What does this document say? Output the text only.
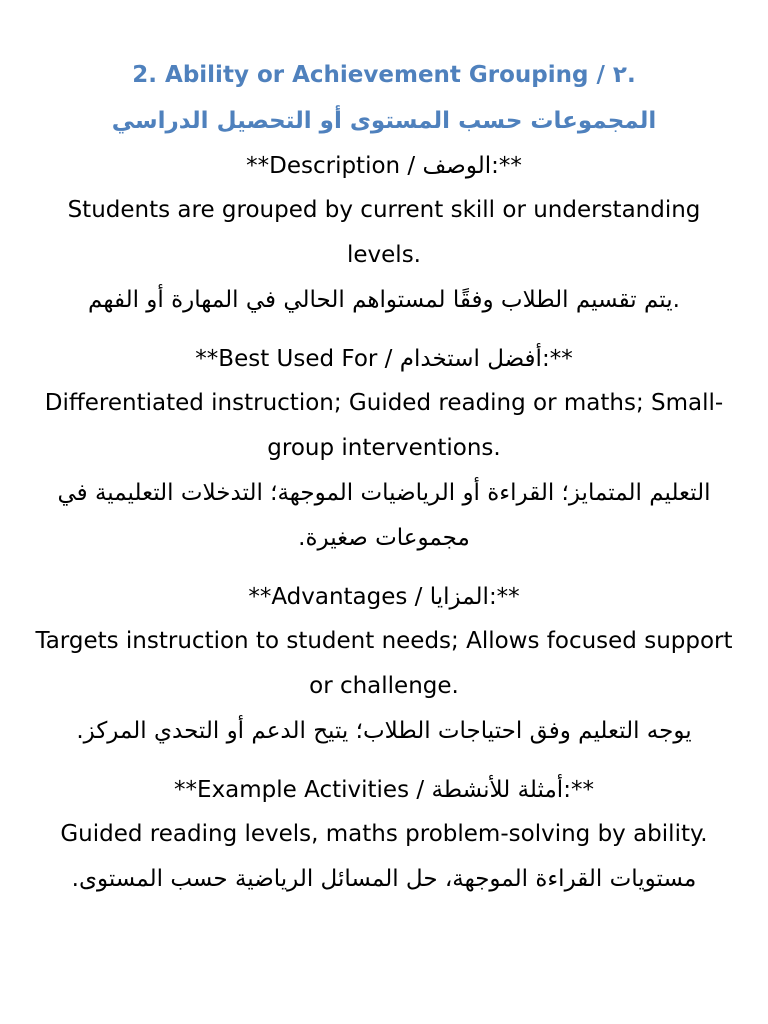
2. Ability or Achievement Grouping / ٢.
المجموعات حسب المستوى أو التحصيل الدراسي

**Description / الوصف:**

Students are grouped by current skill or understanding levels.

.يتم تقسيم الطلاب وفقًا لمستواهم الحالي في المهارة أو الفهم

**Best Used For / أفضل استخدام:**

Differentiated instruction; Guided reading or maths; Small-group interventions.

التعليم المتمايز؛ القراءة أو الرياضيات الموجهة؛ التدخلات التعليمية في مجموعات صغيرة.

**Advantages / المزايا:**

Targets instruction to student needs; Allows focused support or challenge.

يوجه التعليم وفق احتياجات الطلاب؛ يتيح الدعم أو التحدي المركز.

**Example Activities / أمثلة للأنشطة:**

Guided reading levels, maths problem-solving by ability.

مستويات القراءة الموجهة، حل المسائل الرياضية حسب المستوى.
